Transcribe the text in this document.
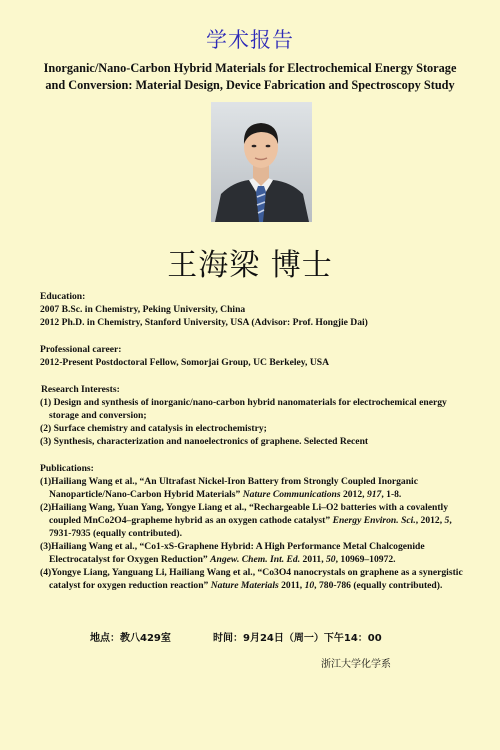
学术报告
Inorganic/Nano-Carbon Hybrid Materials for Electrochemical Energy Storage
and Conversion: Material Design, Device Fabrication and Spectroscopy Study
王海梁 博士

Education:

2007 B.Sc. in Chemistry, Peking University, China

2012 Ph.D. in Chemistry, Stanford University, USA (Advisor: Prof. Hongjie Dai)

Professional career:

2012-Present Postdoctoral Fellow, Somorjai Group, UC Berkeley, USA

Research Interests:

(1) Design and synthesis of inorganic/nano-carbon hybrid nanomaterials for electrochemical energy storage and conversion;

(2) Surface chemistry and catalysis in electrochemistry;

(3) Synthesis, characterization and nanoelectronics of graphene. Selected Recent

Publications:

(1)Hailiang Wang et al., “An Ultrafast Nickel-Iron Battery from Strongly Coupled Inorganic Nanoparticle/Nano-Carbon Hybrid Materials” Nature Communications 2012, 917, 1-8.

(2)Hailiang Wang, Yuan Yang, Yongye Liang et al., “Rechargeable Li–O2 batteries with a covalently coupled MnCo2O4–grapheme hybrid as an oxygen cathode catalyst” Energy Environ. Sci., 2012, 5, 7931-7935 (equally contributed).

(3)Hailiang Wang et al., “Co1-xS-Graphene Hybrid: A High Performance Metal Chalcogenide Electrocatalyst for Oxygen Reduction” Angew. Chem. Int. Ed. 2011, 50, 10969–10972.

(4)Yongye Liang, Yanguang Li, Hailiang Wang et al., “Co3O4 nanocrystals on graphene as a synergistic catalyst for oxygen reduction reaction” Nature Materials 2011, 10, 780-786 (equally contributed).

地点：教八429室	时间：9月24日（周一）下午14：00
浙江大学化学系
